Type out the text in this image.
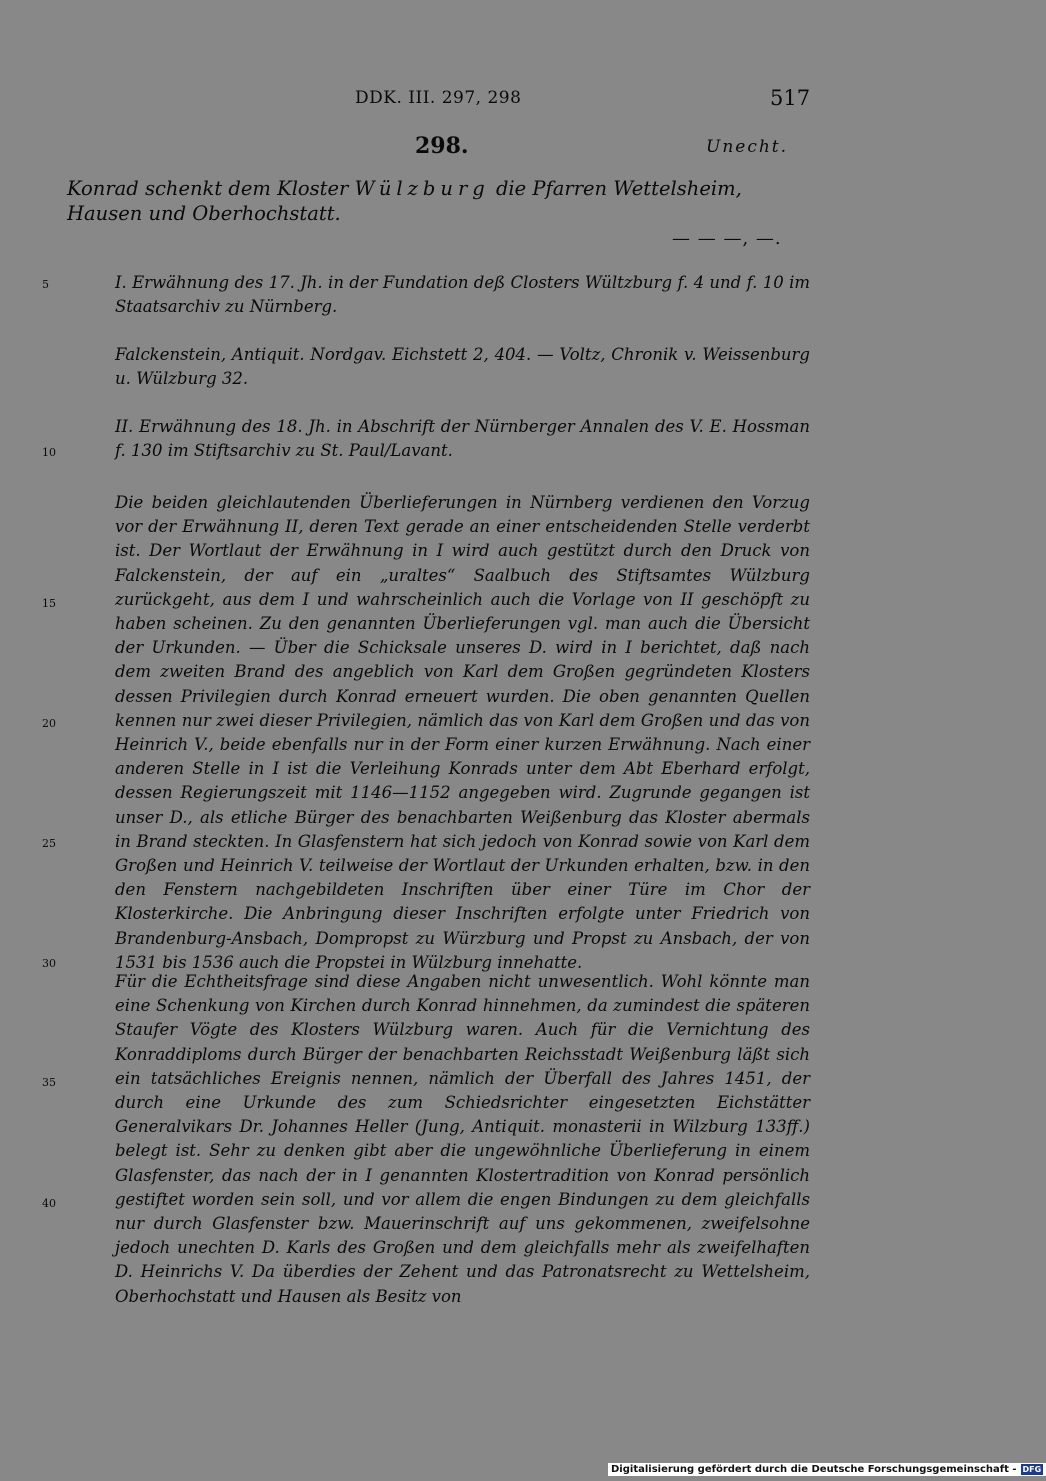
DDK. III. 297, 298	517
298.	Unecht.
Konrad schenkt dem Kloster Wülzburg die Pfarren Wettelsheim, Hausen und Oberhochstatt.
— — —, —.
5
10
15
20
25
30
35
40

I. Erwähnung des 17. Jh. in der Fundation deß Closters Wültzburg f. 4 und f. 10 im Staatsarchiv zu Nürnberg.

Falckenstein, Antiquit. Nordgav. Eichstett 2, 404. — Voltz, Chronik v. Weissenburg u. Wülzburg 32.

II. Erwähnung des 18. Jh. in Abschrift der Nürnberger Annalen des V. E. Hossman f. 130 im Stiftsarchiv zu St. Paul/Lavant.

Die beiden gleichlautenden Überlieferungen in Nürnberg verdienen den Vorzug vor der Erwähnung II, deren Text gerade an einer entscheidenden Stelle verderbt ist. Der Wortlaut der Erwähnung in I wird auch gestützt durch den Druck von Falckenstein, der auf ein „uraltes“ Saalbuch des Stiftsamtes Wülzburg zurückgeht, aus dem I und wahrscheinlich auch die Vorlage von II geschöpft zu haben scheinen. Zu den genannten Überlieferungen vgl. man auch die Übersicht der Urkunden. — Über die Schicksale unseres D. wird in I berichtet, daß nach dem zweiten Brand des angeblich von Karl dem Großen gegründeten Klosters dessen Privilegien durch Konrad erneuert wurden. Die oben genannten Quellen kennen nur zwei dieser Privilegien, nämlich das von Karl dem Großen und das von Heinrich V., beide ebenfalls nur in der Form einer kurzen Erwähnung. Nach einer anderen Stelle in I ist die Verleihung Konrads unter dem Abt Eberhard erfolgt, dessen Regierungszeit mit 1146—1152 angegeben wird. Zugrunde gegangen ist unser D., als etliche Bürger des benachbarten Weißenburg das Kloster abermals in Brand steckten. In Glasfenstern hat sich jedoch von Konrad sowie von Karl dem Großen und Heinrich V. teilweise der Wortlaut der Urkunden erhalten, bzw. in den den Fenstern nachgebildeten Inschriften über einer Türe im Chor der Klosterkirche. Die Anbringung dieser Inschriften erfolgte unter Friedrich von Brandenburg-Ansbach, Dompropst zu Würzburg und Propst zu Ansbach, der von 1531 bis 1536 auch die Propstei in Wülzburg innehatte.

Für die Echtheitsfrage sind diese Angaben nicht unwesentlich. Wohl könnte man eine Schenkung von Kirchen durch Konrad hinnehmen, da zumindest die späteren Staufer Vögte des Klosters Wülzburg waren. Auch für die Vernichtung des Konraddiploms durch Bürger der benachbarten Reichsstadt Weißenburg läßt sich ein tatsächliches Ereignis nennen, nämlich der Überfall des Jahres 1451, der durch eine Urkunde des zum Schiedsrichter eingesetzten Eichstätter Generalvikars Dr. Johannes Heller (Jung, Antiquit. monasterii in Wilzburg 133ff.) belegt ist. Sehr zu denken gibt aber die ungewöhnliche Überlieferung in einem Glasfenster, das nach der in I genannten Klostertradition von Konrad persönlich gestiftet worden sein soll, und vor allem die engen Bindungen zu dem gleichfalls nur durch Glasfenster bzw. Mauerinschrift auf uns gekommenen, zweifelsohne jedoch unechten D. Karls des Großen und dem gleichfalls mehr als zweifelhaften D. Heinrichs V. Da überdies der Zehent und das Patronatsrecht zu Wettelsheim, Oberhochstatt und Hausen als Besitz von

Digitalisierung gefördert durch die Deutsche Forschungsgemeinschaft - DFG
